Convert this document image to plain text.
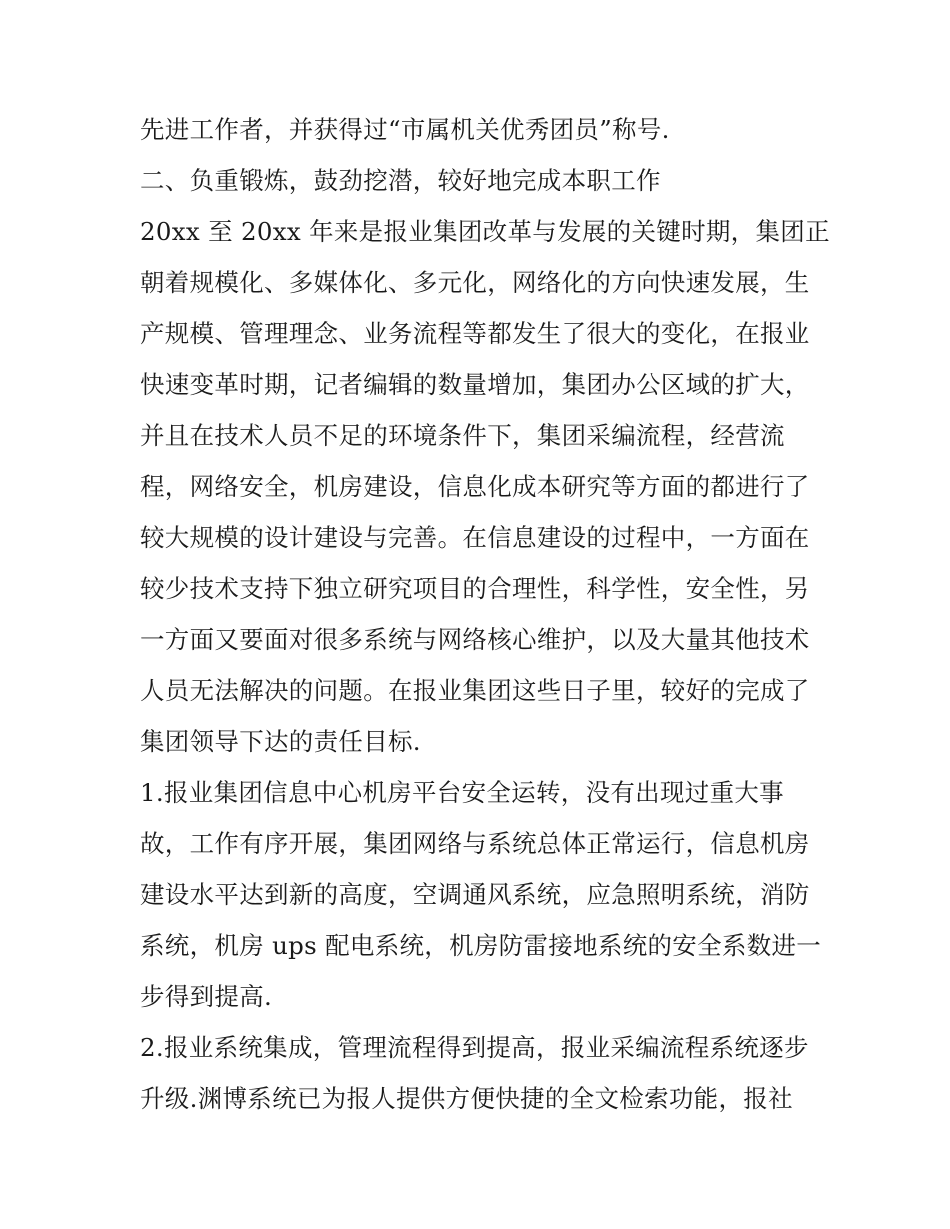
先进工作者，并获得过“市属机关优秀团员”称号.

二、负重锻炼，鼓劲挖潜，较好地完成本职工作

20xx 至 20xx 年来是报业集团改革与发展的关键时期，集团正

朝着规模化、多媒体化、多元化，网络化的方向快速发展，生

产规模、管理理念、业务流程等都发生了很大的变化，在报业

快速变革时期，记者编辑的数量增加，集团办公区域的扩大，

并且在技术人员不足的环境条件下，集团采编流程，经营流

程，网络安全，机房建设，信息化成本研究等方面的都进行了

较大规模的设计建设与完善。在信息建设的过程中，一方面在

较少技术支持下独立研究项目的合理性，科学性，安全性，另

一方面又要面对很多系统与网络核心维护，以及大量其他技术

人员无法解决的问题。在报业集团这些日子里，较好的完成了

集团领导下达的责任目标.

1.报业集团信息中心机房平台安全运转，没有出现过重大事

故，工作有序开展，集团网络与系统总体正常运行，信息机房

建设水平达到新的高度，空调通风系统，应急照明系统，消防

系统，机房 ups 配电系统，机房防雷接地系统的安全系数进一

步得到提高.

2.报业系统集成，管理流程得到提高，报业采编流程系统逐步

升级.渊博系统已为报人提供方便快捷的全文检索功能，报社
